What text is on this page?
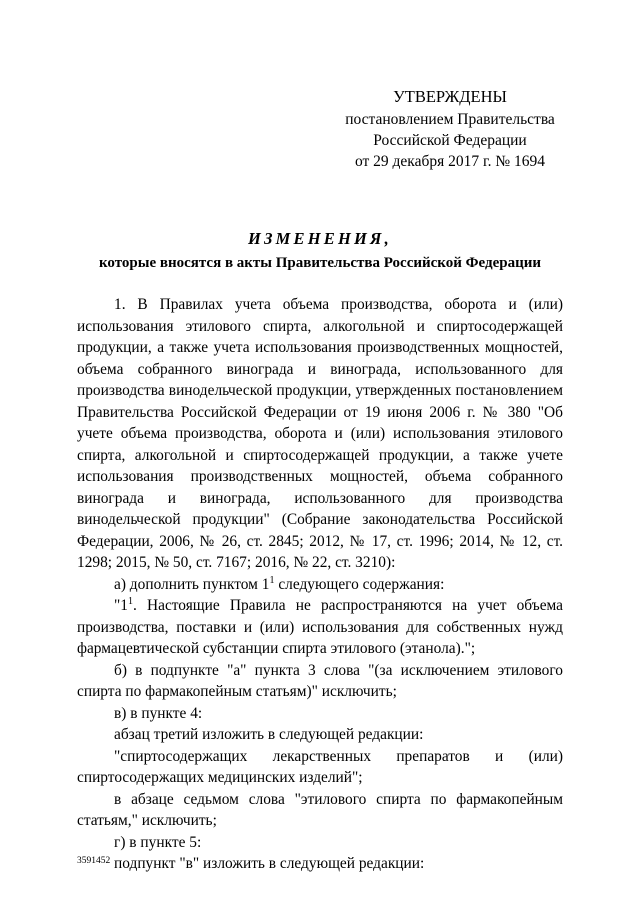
УТВЕРЖДЕНЫ
постановлением Правительства
Российской Федерации
от 29 декабря 2017 г. № 1694
ИЗМЕНЕНИЯ,
которые вносятся в акты Правительства Российской Федерации

1. В Правилах учета объема производства, оборота и (или) использования этилового спирта, алкогольной и спиртосодержащей продукции, а также учета использования производственных мощностей, объема собранного винограда и винограда, использованного для производства винодельческой продукции, утвержденных постановлением Правительства Российской Федерации от 19 июня 2006 г. № 380 "Об учете объема производства, оборота и (или) использования этилового спирта, алкогольной и спиртосодержащей продукции, а также учете использования производственных мощностей, объема собранного винограда и винограда, использованного для производства винодельческой продукции" (Собрание законодательства Российской Федерации, 2006, № 26, ст. 2845; 2012, № 17, ст. 1996; 2014, № 12, ст. 1298; 2015, № 50, ст. 7167; 2016, № 22, ст. 3210):

а) дополнить пунктом $1^1$ следующего содержания:

"$1^1$. Настоящие Правила не распространяются на учет объема производства, поставки и (или) использования для собственных нужд фармацевтической субстанции спирта этилового (этанола).";

б) в подпункте "а" пункта 3 слова "(за исключением этилового спирта по фармакопейным статьям)" исключить;

в) в пункте 4:

абзац третий изложить в следующей редакции:

"спиртосодержащих лекарственных препаратов и (или) спиртосодержащих медицинских изделий";

в абзаце седьмом слова "этилового спирта по фармакопейным статьям," исключить;

г) в пункте 5:

подпункт "в" изложить в следующей редакции:

3591452
